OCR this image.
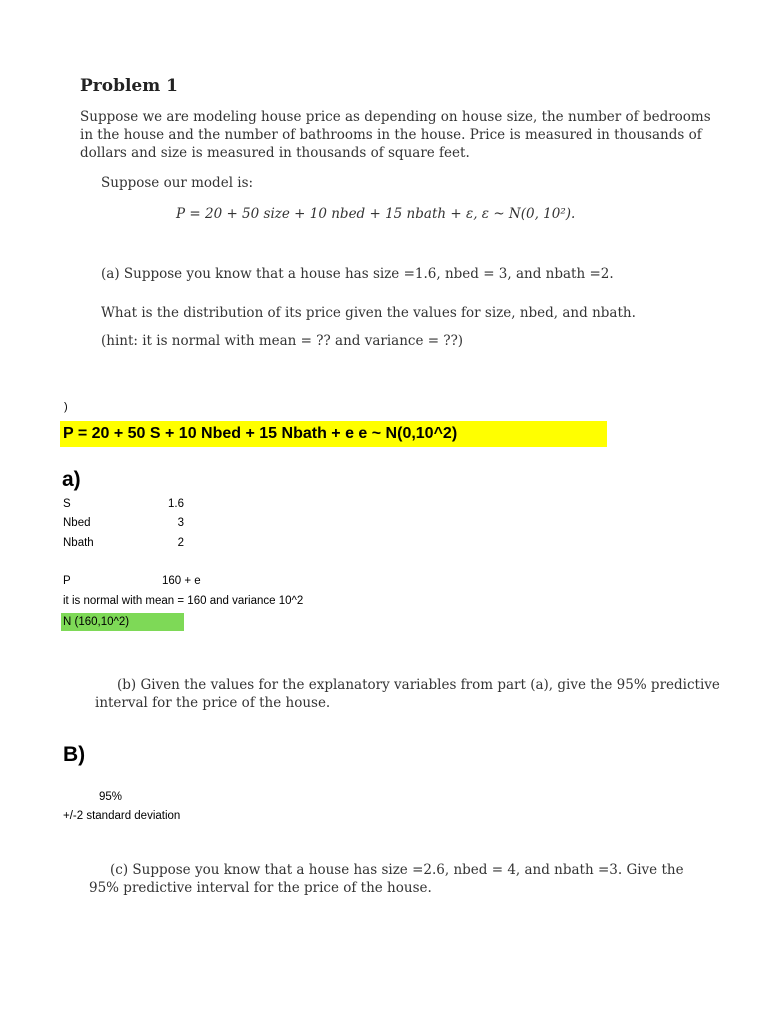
Problem 1
Suppose we are modeling house price as depending on house size, the number of bedrooms
in the house and the number of bathrooms in the house. Price is measured in thousands of
dollars and size is measured in thousands of square feet.
Suppose our model is:
P = 20 + 50 size + 10 nbed + 15 nbath + ε, ε ~ N(0, 10²).
(a) Suppose you know that a house has size =1.6, nbed = 3, and nbath =2.
What is the distribution of its price given the values for size, nbed, and nbath.
(hint: it is normal with mean = ?? and variance = ??)
)
P = 20 + 50 S + 10 Nbed + 15 Nbath + e e ~ N(0,10^2)
a)
S	1.6
Nbed	3
Nbath	2
P	160 + e
it is normal with mean = 160 and variance 10^2
N (160,10^2)
(b) Given the values for the explanatory variables from part (a), give the 95% predictive
interval for the price of the house.
B)
95%
+/-2 standard deviation
(c) Suppose you know that a house has size =2.6, nbed = 4, and nbath =3. Give the
95% predictive interval for the price of the house.
